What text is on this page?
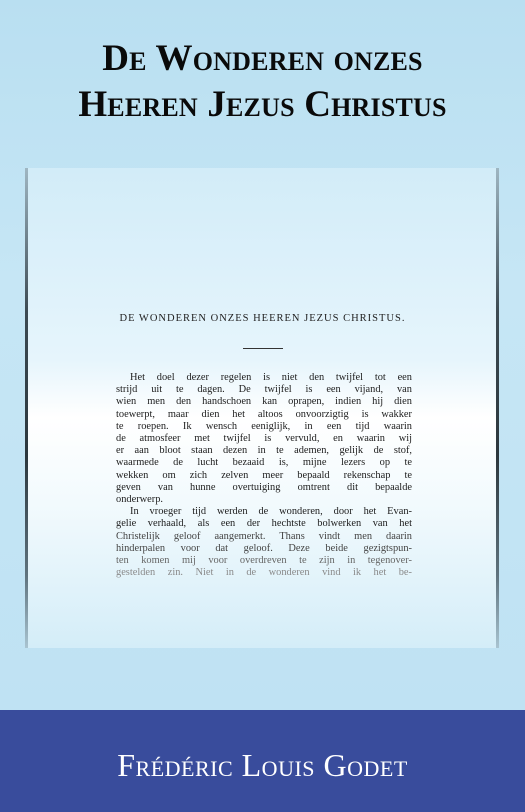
De Wonderen onzes
Heeren Jezus Christus
DE WONDEREN ONZES HEEREN JEZUS CHRISTUS.
Het doel dezer regelen is niet den twijfel tot een
strijd uit te dagen. De twijfel is een vijand, van
wien men den handschoen kan oprapen, indien hij dien
toewerpt, maar dien het altoos onvoorzigtig is wakker
te roepen. Ik wensch eeniglijk, in een tijd waarin
de atmosfeer met twijfel is vervuld, en waarin wij
er aan bloot staan dezen in te ademen, gelijk de stof,
waarmede de lucht bezaaid is, mijne lezers op te
wekken om zich zelven meer bepaald rekenschap te
geven van hunne overtuiging omtrent dit bepaalde
onderwerp.
In vroeger tijd werden de wonderen, door het Evan-
gelie verhaald, als een der hechtste bolwerken van het
Christelijk geloof aangemerkt. Thans vindt men daarin
hinderpalen voor dat geloof. Deze beide gezigtspun-
ten komen mij voor overdreven te zijn in tegenover-
gestelden zin. Niet in de wonderen vind ik het be-
Frédéric Louis Godet
